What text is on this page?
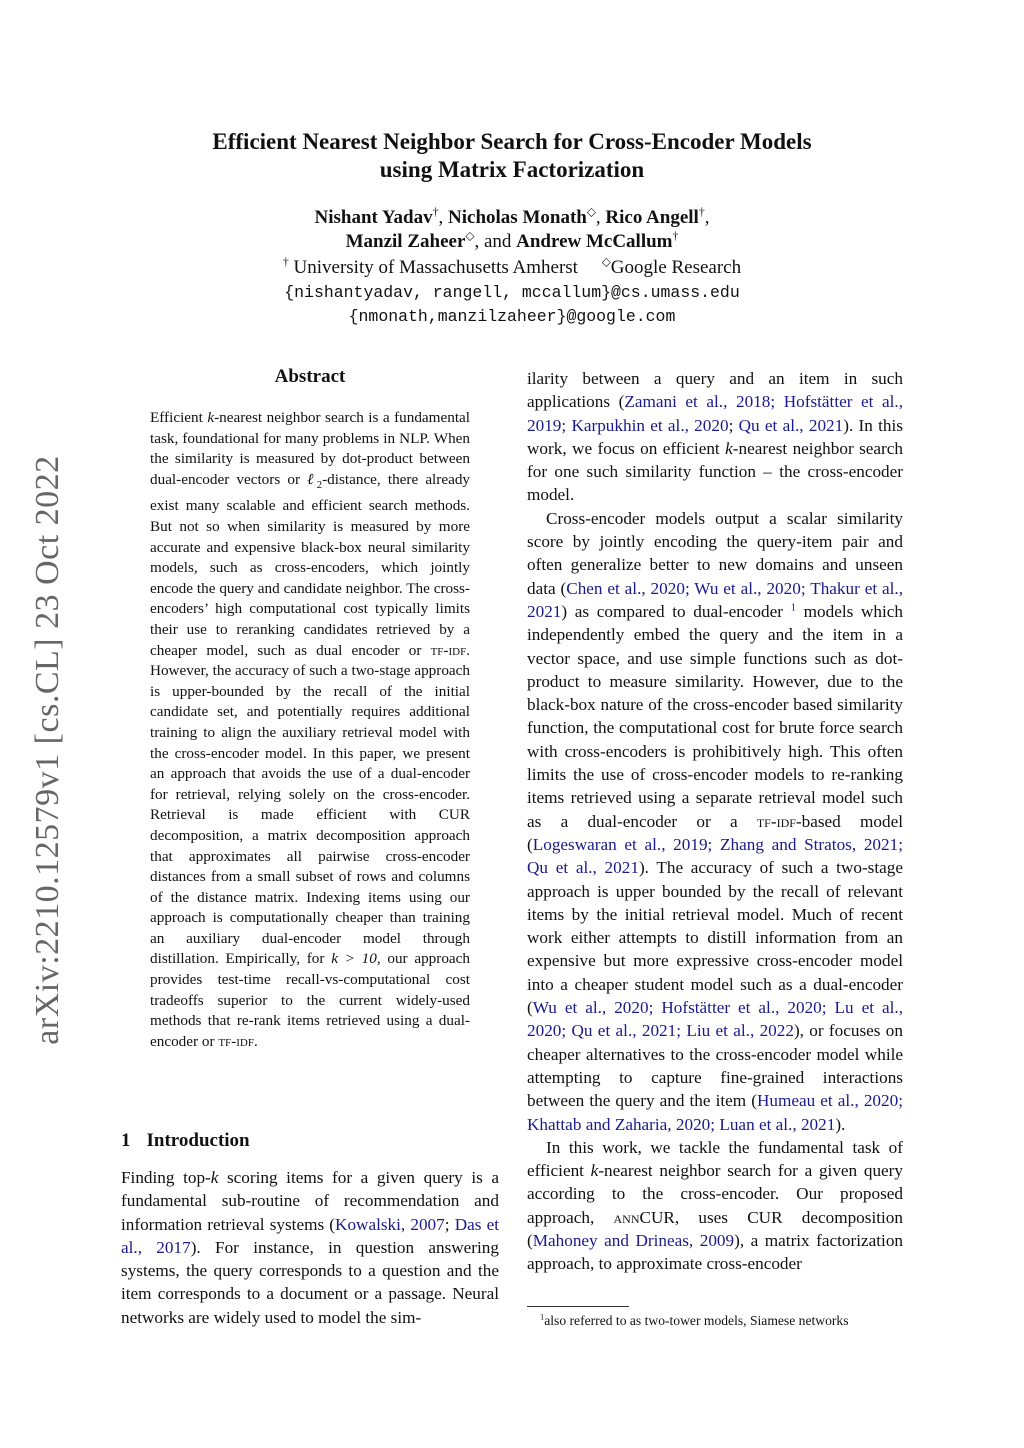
arXiv:2210.12579v1 [cs.CL] 23 Oct 2022
Efficient Nearest Neighbor Search for Cross-Encoder Models
using Matrix Factorization
Nishant Yadav†, Nicholas Monath◇, Rico Angell†,
Manzil Zaheer◇, and Andrew McCallum†
† University of Massachusetts Amherst ◇Google Research
{nishantyadav, rangell, mccallum}@cs.umass.edu
{nmonath,manzilzaheer}@google.com
Abstract
Efficient k-nearest neighbor search is a fundamental task, foundational for many problems in NLP. When the similarity is measured by dot-product between dual-encoder vectors or ℓ$_2$-distance, there already exist many scalable and efficient search methods. But not so when similarity is measured by more accurate and expensive black-box neural similarity models, such as cross-encoders, which jointly encode the query and candidate neighbor. The cross-encoders’ high computational cost typically limits their use to reranking candidates retrieved by a cheaper model, such as dual encoder or tf-idf. However, the accuracy of such a two-stage approach is upper-bounded by the recall of the initial candidate set, and potentially requires additional training to align the auxiliary retrieval model with the cross-encoder model. In this paper, we present an approach that avoids the use of a dual-encoder for retrieval, relying solely on the cross-encoder. Retrieval is made efficient with CUR decomposition, a matrix decomposition approach that approximates all pairwise cross-encoder distances from a small subset of rows and columns of the distance matrix. Indexing items using our approach is computationally cheaper than training an auxiliary dual-encoder model through distillation. Empirically, for k > 10, our approach provides test-time recall-vs-computational cost tradeoffs superior to the current widely-used methods that re-rank items retrieved using a dual-encoder or tf-idf.
1 Introduction
Finding top-k scoring items for a given query is a fundamental sub-routine of recommendation and information retrieval systems (Kowalski, 2007; Das et al., 2017). For instance, in question answering systems, the query corresponds to a question and the item corresponds to a document or a passage. Neural networks are widely used to model the sim-

ilarity between a query and an item in such applications (Zamani et al., 2018; Hofstätter et al., 2019; Karpukhin et al., 2020; Qu et al., 2021). In this work, we focus on efficient k-nearest neighbor search for one such similarity function – the cross-encoder model.

Cross-encoder models output a scalar similarity score by jointly encoding the query-item pair and often generalize better to new domains and unseen data (Chen et al., 2020; Wu et al., 2020; Thakur et al., 2021) as compared to dual-encoder $^1$ models which independently embed the query and the item in a vector space, and use simple functions such as dot-product to measure similarity. However, due to the black-box nature of the cross-encoder based similarity function, the computational cost for brute force search with cross-encoders is prohibitively high. This often limits the use of cross-encoder models to re-ranking items retrieved using a separate retrieval model such as a dual-encoder or a tf-idf-based model (Logeswaran et al., 2019; Zhang and Stratos, 2021; Qu et al., 2021). The accuracy of such a two-stage approach is upper bounded by the recall of relevant items by the initial retrieval model. Much of recent work either attempts to distill information from an expensive but more expressive cross-encoder model into a cheaper student model such as a dual-encoder (Wu et al., 2020; Hofstätter et al., 2020; Lu et al., 2020; Qu et al., 2021; Liu et al., 2022), or focuses on cheaper alternatives to the cross-encoder model while attempting to capture fine-grained interactions between the query and the item (Humeau et al., 2020; Khattab and Zaharia, 2020; Luan et al., 2021).

In this work, we tackle the fundamental task of efficient k-nearest neighbor search for a given query according to the cross-encoder. Our proposed approach, annCUR, uses CUR decomposition (Mahoney and Drineas, 2009), a matrix factorization approach, to approximate cross-encoder

$^1$also referred to as two-tower models, Siamese networks
